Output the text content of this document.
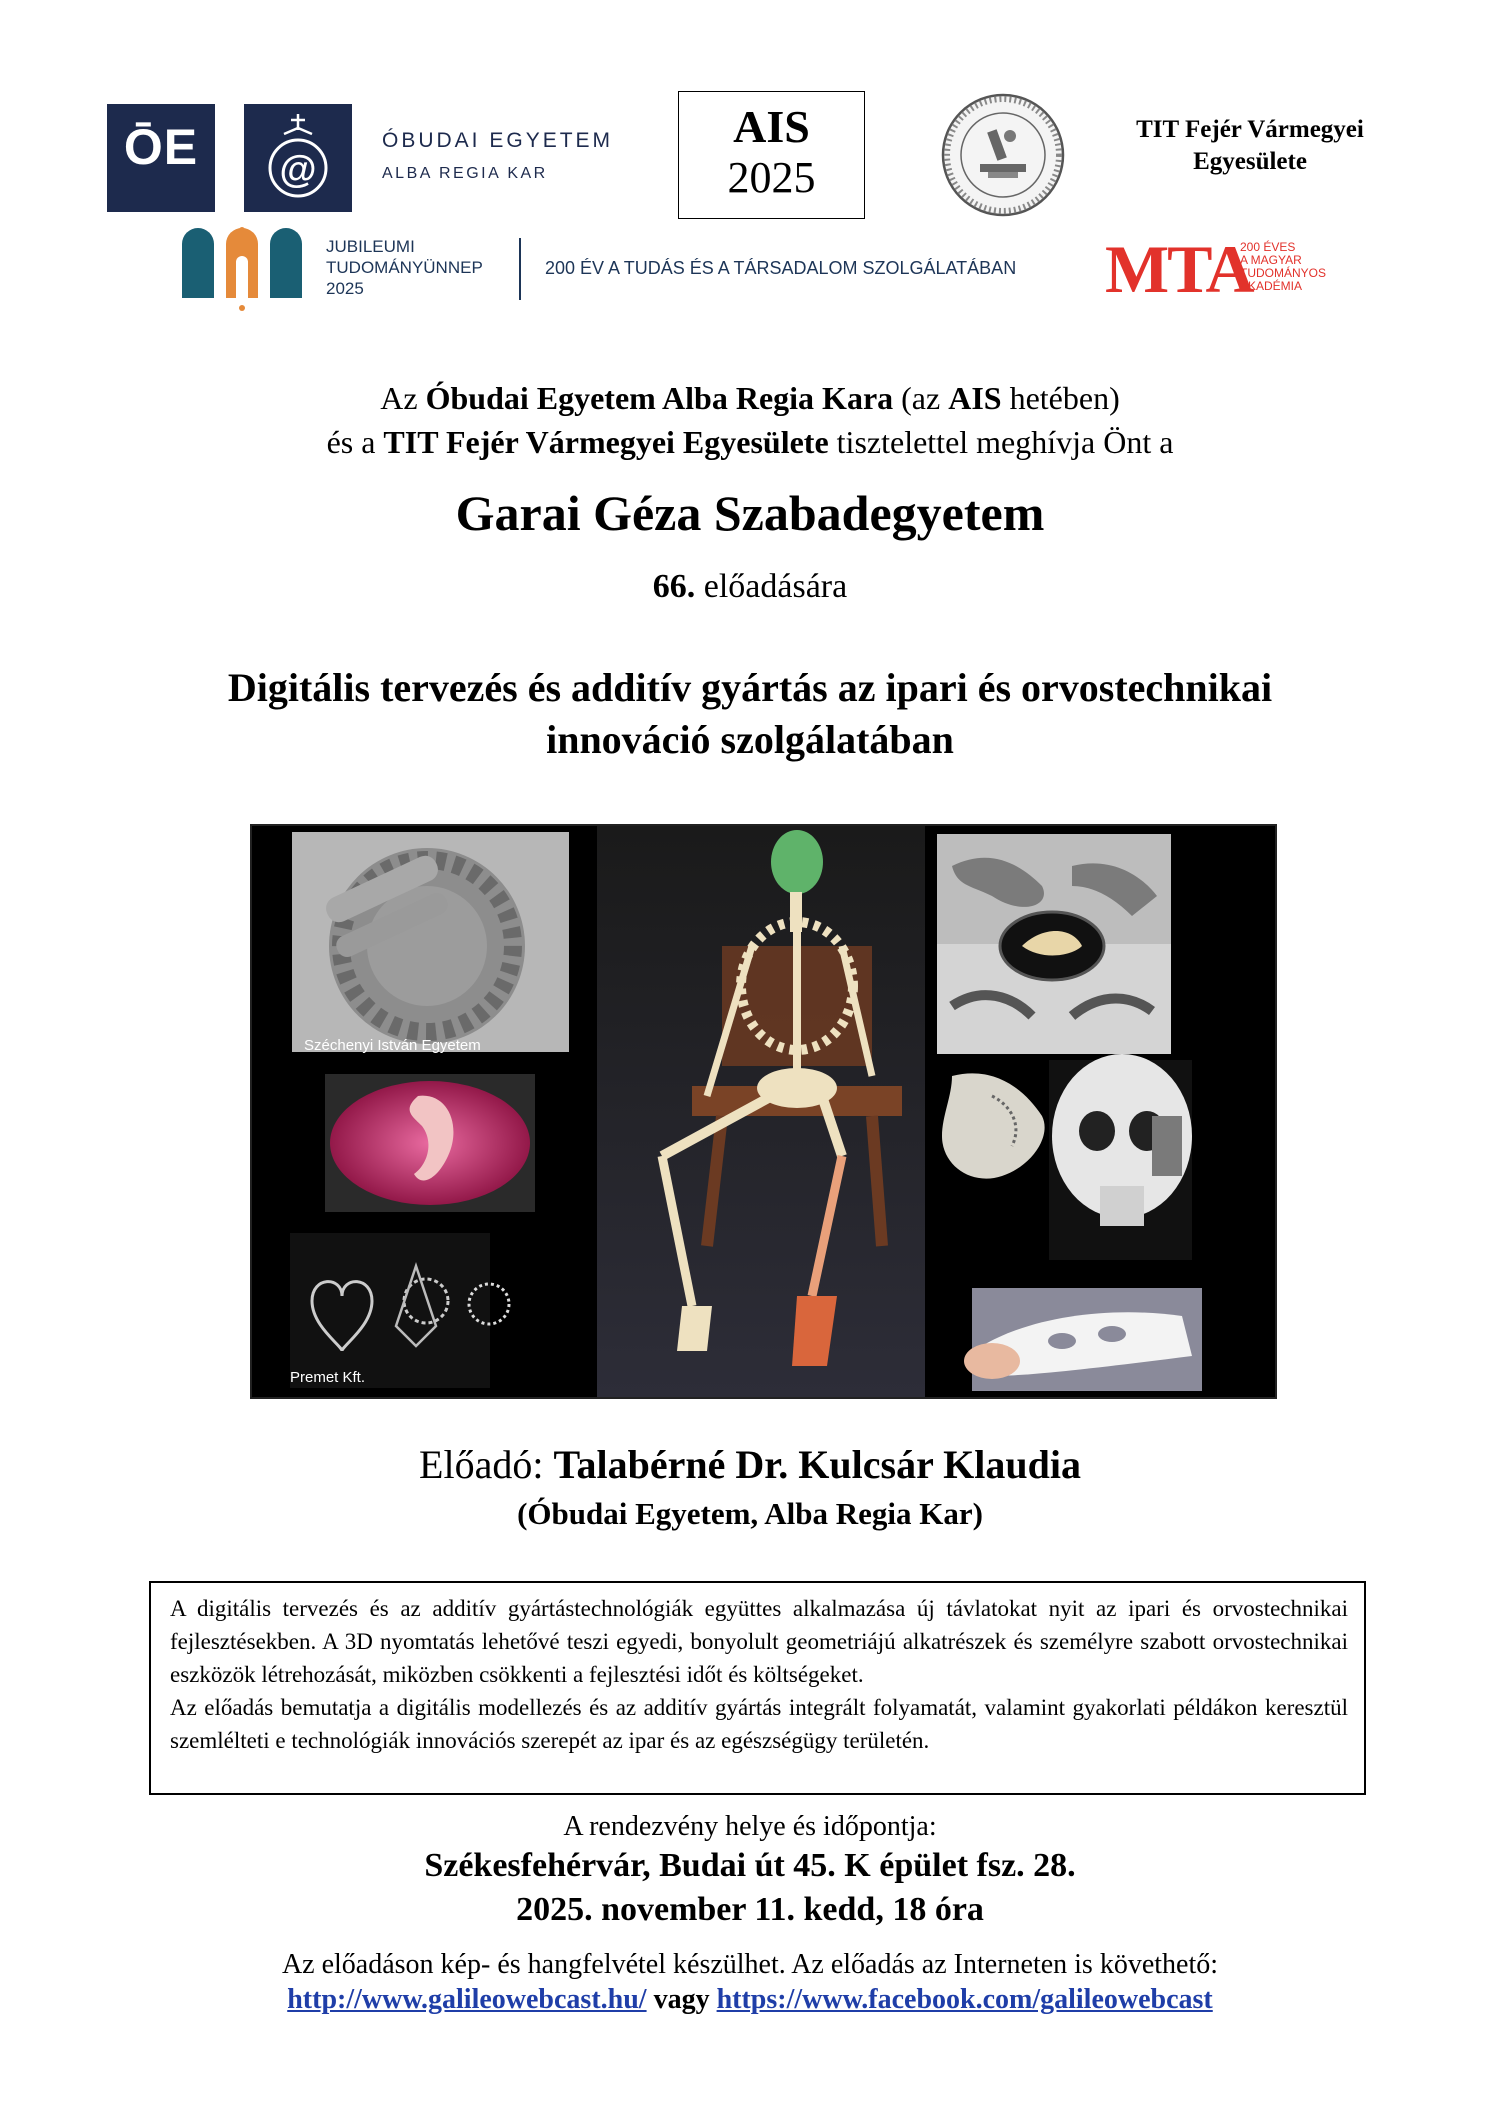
ŌE	@
ÓBUDAI EGYETEM
ALBA REGIA KAR
AIS
2025
TIT Fejér Vármegyei
Egyesülete
JUBILEUMI
TUDOMÁNYÜNNEP
2025
200 ÉV A TUDÁS ÉS A TÁRSADALOM SZOLGÁLATÁBAN MTA
200 ÉVES
A MAGYAR
TUDOMÁNYOS
AKADÉMIA
Az Óbudai Egyetem Alba Regia Kara (az AIS hetében)
és a TIT Fejér Vármegyei Egyesülete tisztelettel meghívja Önt a
Garai Géza Szabadegyetem
66. előadására
Digitális tervezés és additív gyártás az ipari és orvostechnikai
innováció szolgálatában
Széchenyi István Egyetem
Premet Kft.
Előadó: Talabérné Dr. Kulcsár Klaudia
(Óbudai Egyetem, Alba Regia Kar)

A digitális tervezés és az additív gyártástechnológiák együttes alkalmazása új távlatokat nyit az ipari és orvostechnikai fejlesztésekben. A 3D nyomtatás lehetővé teszi egyedi, bonyolult geometriájú alkatrészek és személyre szabott orvostechnikai eszközök létrehozását, miközben csökkenti a fejlesztési időt és költségeket.

Az előadás bemutatja a digitális modellezés és az additív gyártás integrált folyamatát, valamint gyakorlati példákon keresztül szemlélteti e technológiák innovációs szerepét az ipar és az egészségügy területén.

A rendezvény helye és időpontja:
Székesfehérvár, Budai út 45. K épület fsz. 28.
2025. november 11. kedd, 18 óra
Az előadáson kép- és hangfelvétel készülhet. Az előadás az Interneten is követhető:
http://www.galileowebcast.hu/ vagy https://www.facebook.com/galileowebcast
